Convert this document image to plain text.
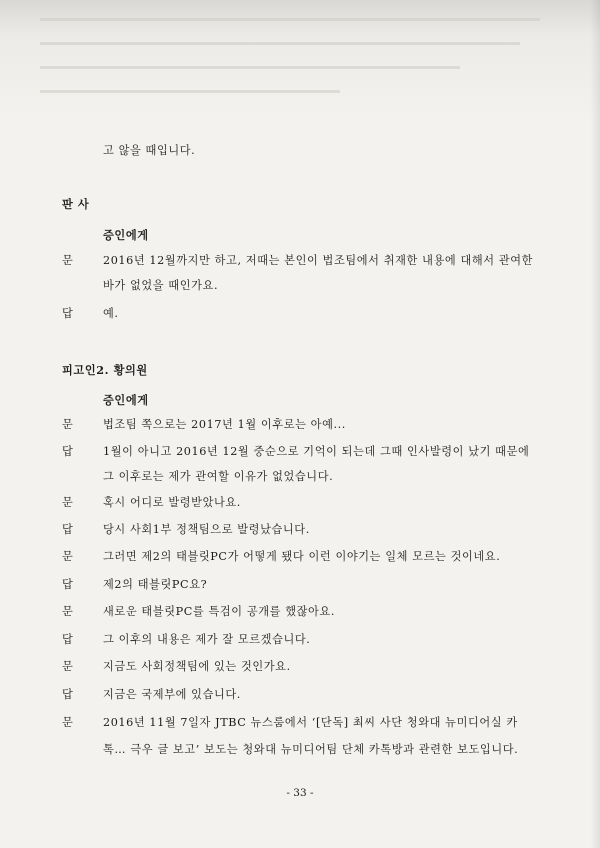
고 않을 때입니다.
판 사
증인에게
문	2016년 12월까지만 하고, 저때는 본인이 법조팀에서 취재한 내용에 대해서 관여한
바가 없었을 때인가요.
답	예.
피고인2. 황의원
증인에게
문	법조팀 쪽으로는 2017년 1월 이후로는 아예...
답	1월이 아니고 2016년 12월 중순으로 기억이 되는데 그때 인사발령이 났기 때문에
그 이후로는 제가 관여할 이유가 없었습니다.
문	혹시 어디로 발령받았나요.
답	당시 사회1부 정책팀으로 발령났습니다.
문	그러면 제2의 태블릿PC가 어떻게 됐다 이런 이야기는 일체 모르는 것이네요.
답	제2의 태블릿PC요?
문	새로운 태블릿PC를 특검이 공개를 했잖아요.
답	그 이후의 내용은 제가 잘 모르겠습니다.
문	지금도 사회정책팀에 있는 것인가요.
답	지금은 국제부에 있습니다.
문	2016년 11월 7일자 JTBC 뉴스룸에서 ‘[단독] 최씨 사단 청와대 뉴미디어실 카
톡… 극우 글 보고’ 보도는 청와대 뉴미디어팀 단체 카톡방과 관련한 보도입니다.
- 33 -
